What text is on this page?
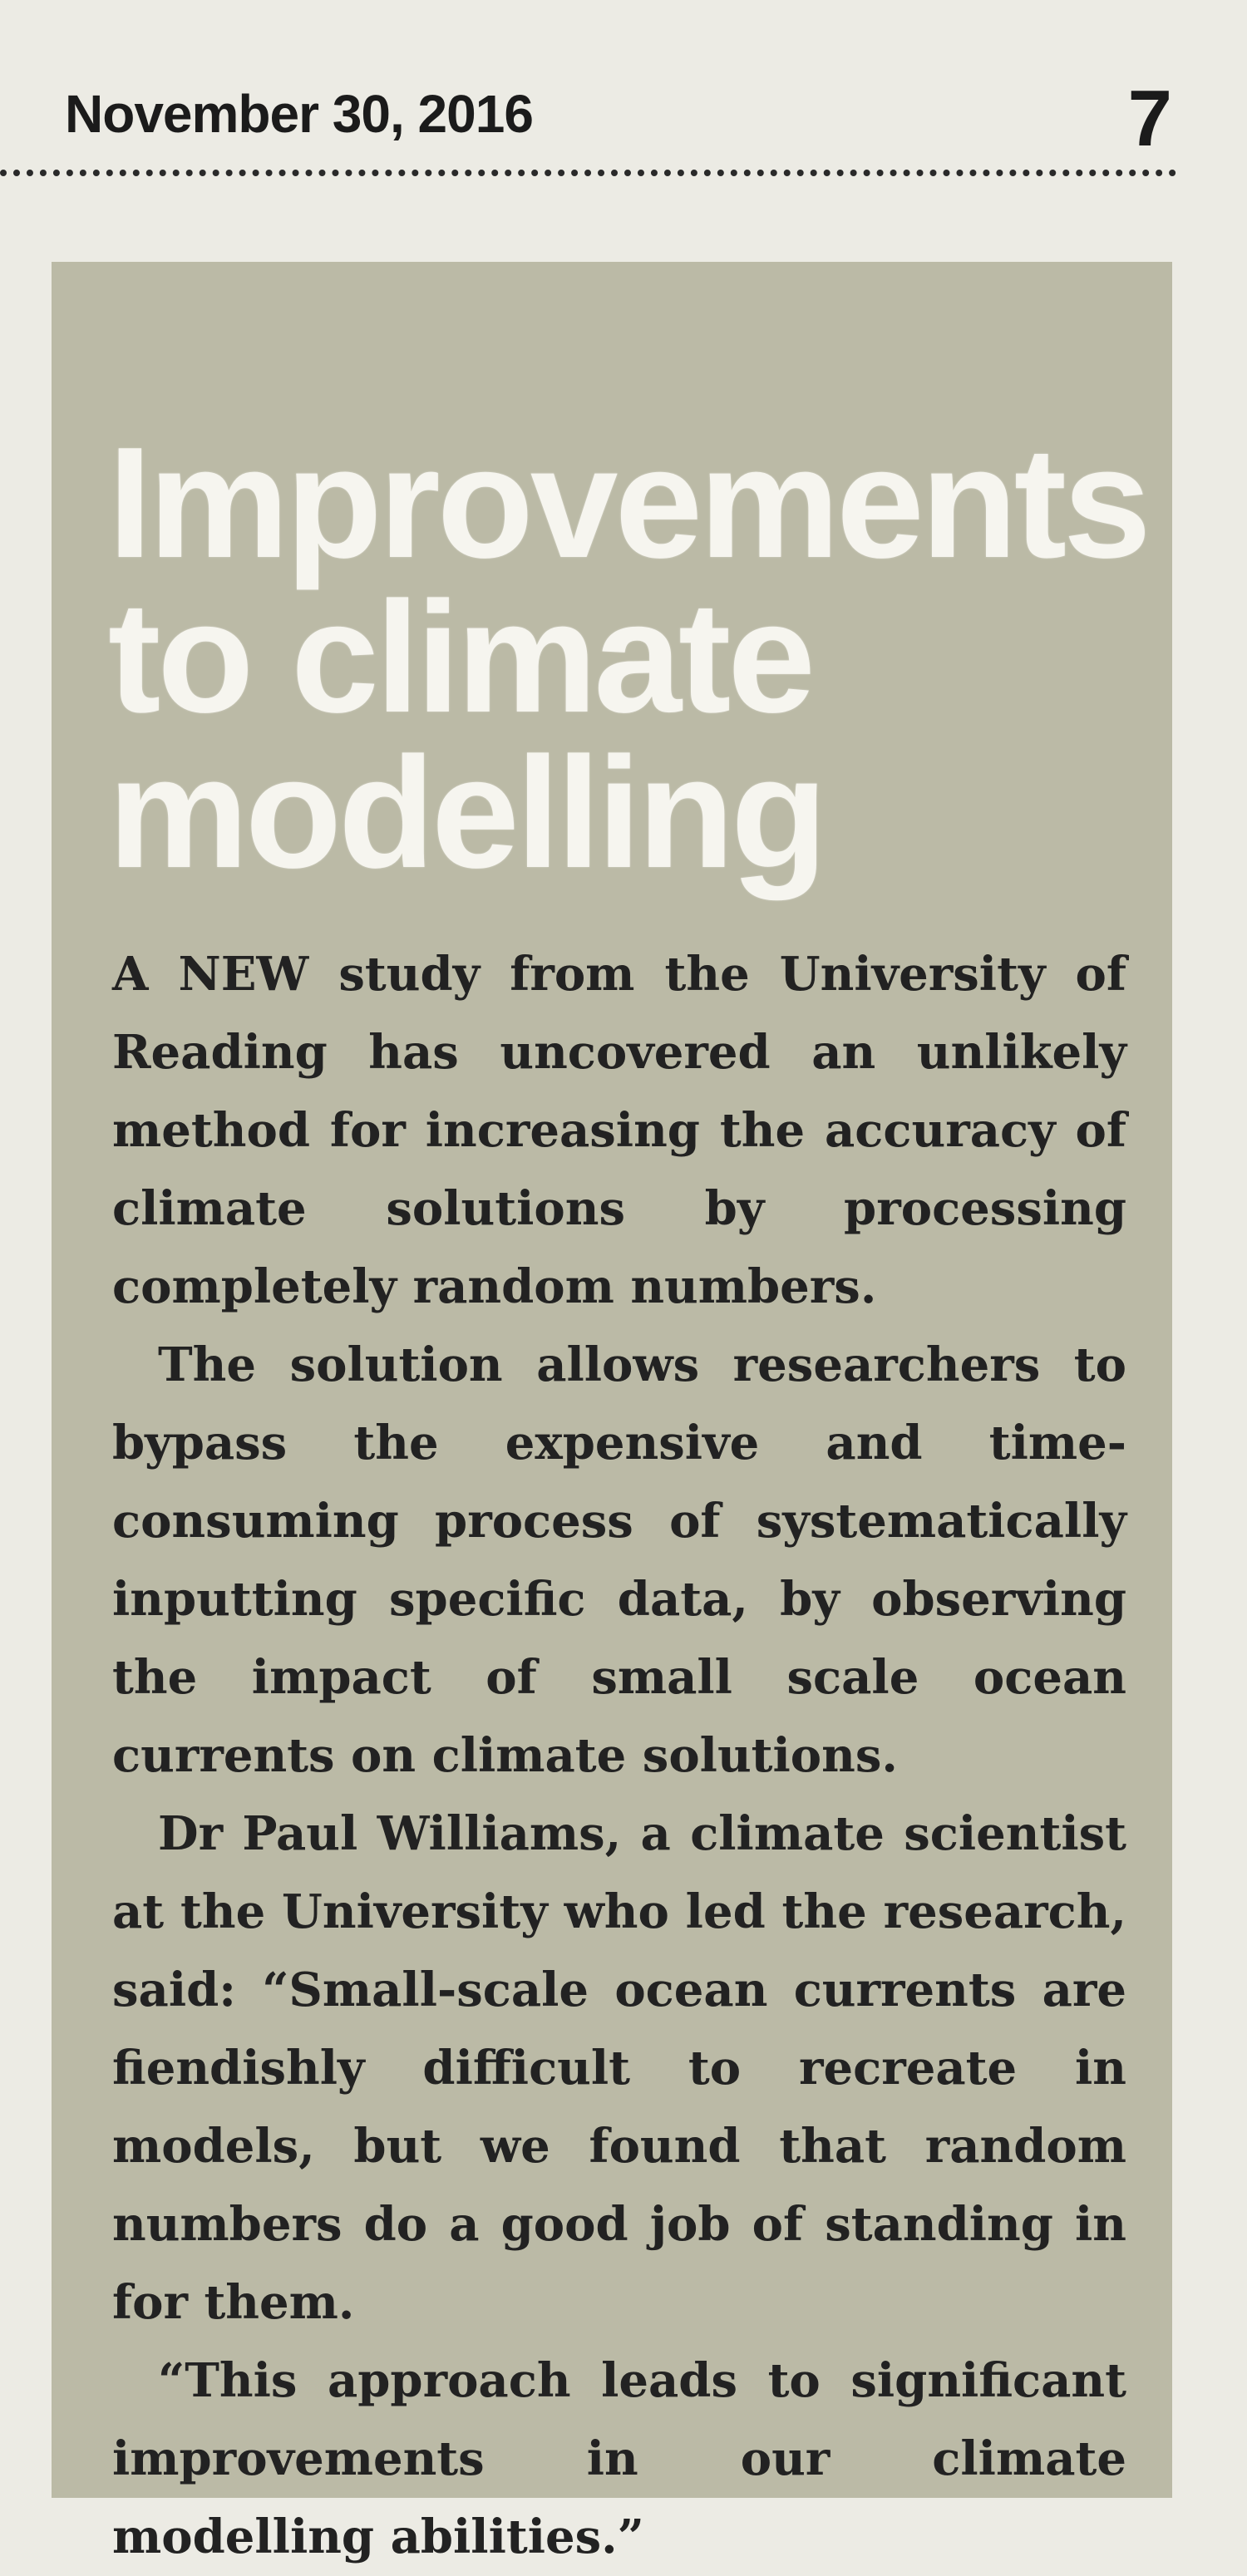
November 30, 2016	7
Improvements
to climate
modelling

A NEW study from the University of Reading has uncovered an unlikely method for increasing the accuracy of climate solutions by processing completely random numbers.

The solution allows researchers to bypass the expensive and time-consuming process of systematically inputting specific data, by observing the impact of small scale ocean currents on climate solutions.

Dr Paul Williams, a climate scientist at the University who led the research, said: “Small-scale ocean currents are fiendishly difficult to recreate in models, but we found that random numbers do a good job of standing in for them.

“This approach leads to significant improvements in our climate modelling abilities.”
